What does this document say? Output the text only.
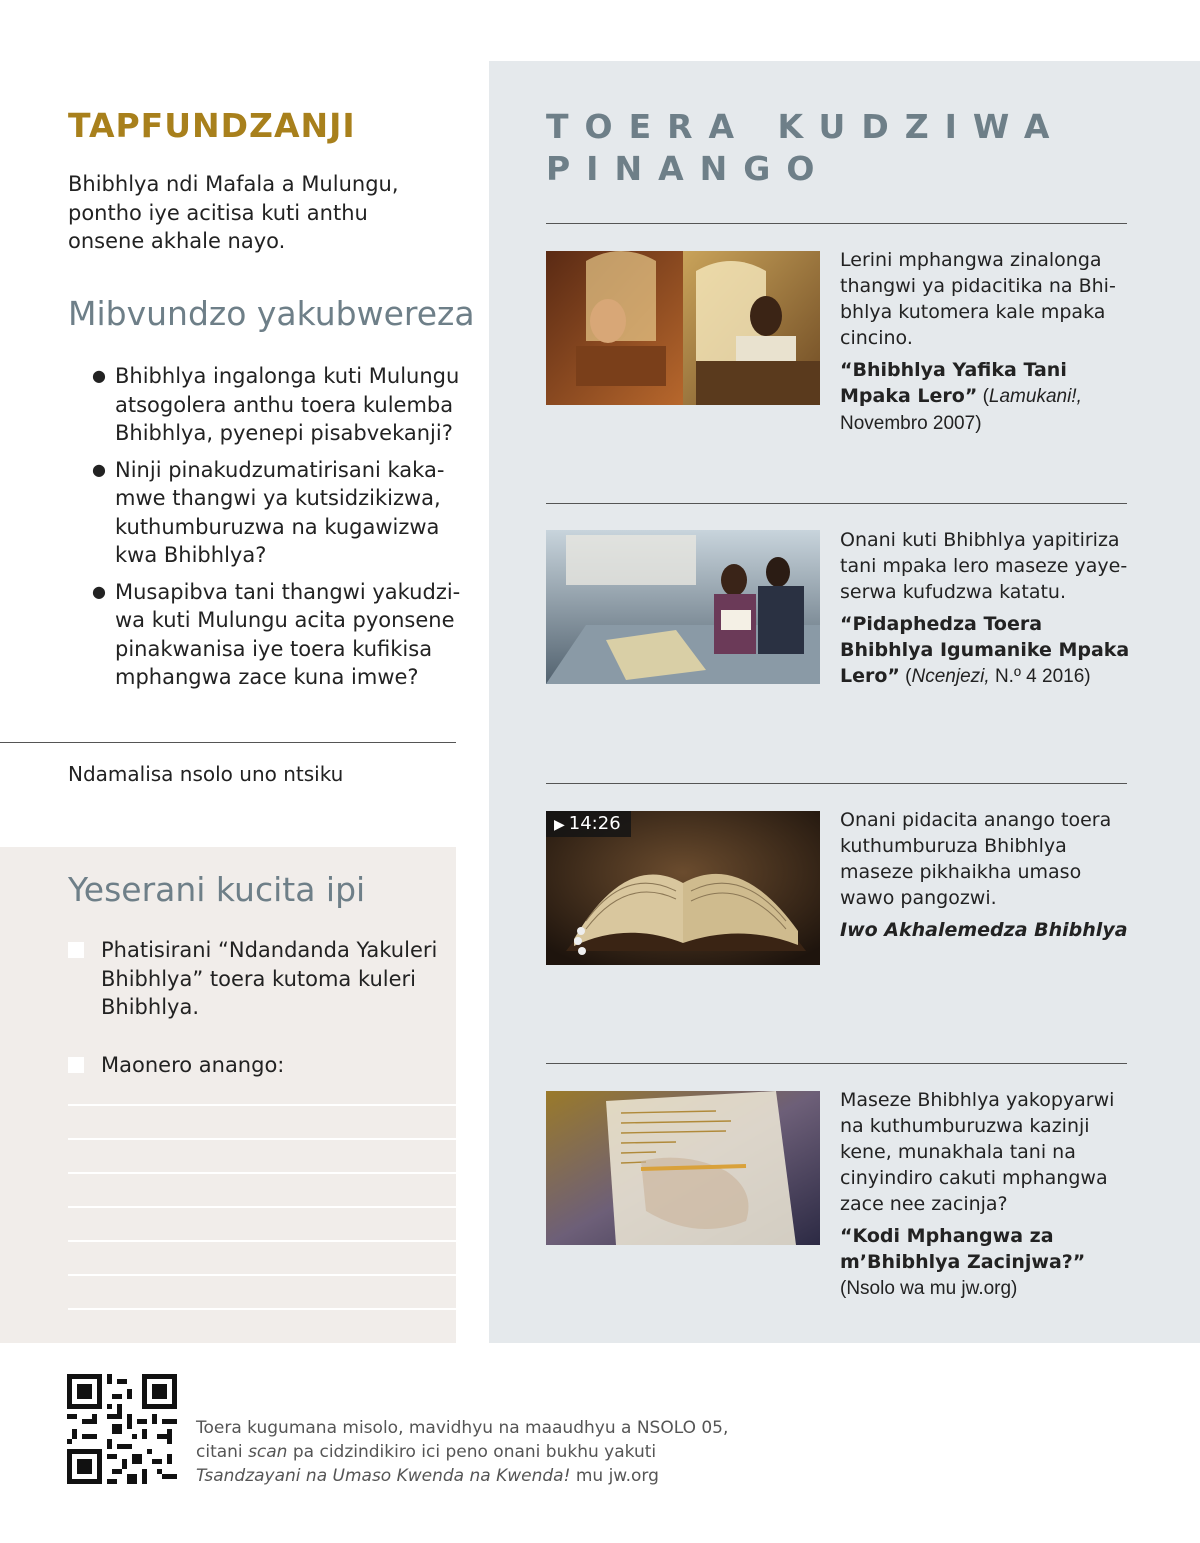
TAPFUNDZANJI

Bhibhlya ndi Mafala a Mulungu, pontho iye acitisa kuti anthu onsene akhale nayo.

Mibvundzo yakubwereza
● Bhibhlya ingalonga kuti Mulungu atsogolera anthu toera kulemba Bhibhlya, pyenepi pisabvekanji?
● Ninji pinakudzumatirisani kakamwe thangwi ya kutsidzikizwa, kuthumburuzwa na kugawizwa kwa Bhibhlya?
● Musapibva tani thangwi yakudziwa kuti Mulungu acita pyonsene pinakwanisa iye toera kufikisa mphangwa zace kuna imwe?

Ndamalisa nsolo uno ntsiku

Yeserani kucita ipi
Phatisirani “Ndandanda Yakuleri Bhibhlya” toera kutoma kuleri Bhibhlya.
Maonero anango:
TOERA KUDZIWA PINANGO

Lerini mphangwa zinalonga thangwi ya pidacitika na Bhibhlya kutomera kale mpaka cincino.

“Bhibhlya Yafika Tani Mpaka Lero” (Lamukani!, Novembro 2007)

Onani kuti Bhibhlya yapitiriza tani mpaka lero maseze yayeserwa kufudzwa katatu.

“Pidaphedza Toera Bhibhlya Igumanike Mpaka Lero” (Ncenjezi, N.º 4 2016)

▶ 14:26	Onani pidacita anango toera kuthumburuza Bhibhlya maseze pikhaikha umaso wawo pangozwi.

Iwo Akhalemedza Bhibhlya

Maseze Bhibhlya yakopyarwi na kuthumburuzwa kazinji kene, munakhala tani na cinyindiro cakuti mphangwa zace nee zacinja?

“Kodi Mphangwa za m’Bhibhlya Zacinjwa?”
(Nsolo wa mu jw.org)

Toera kugumana misolo, mavidhyu na maaudhyu a NSOLO 05,
citani scan pa cidzindikiro ici peno onani bukhu yakuti
Tsandzayani na Umaso Kwenda na Kwenda! mu jw.org
